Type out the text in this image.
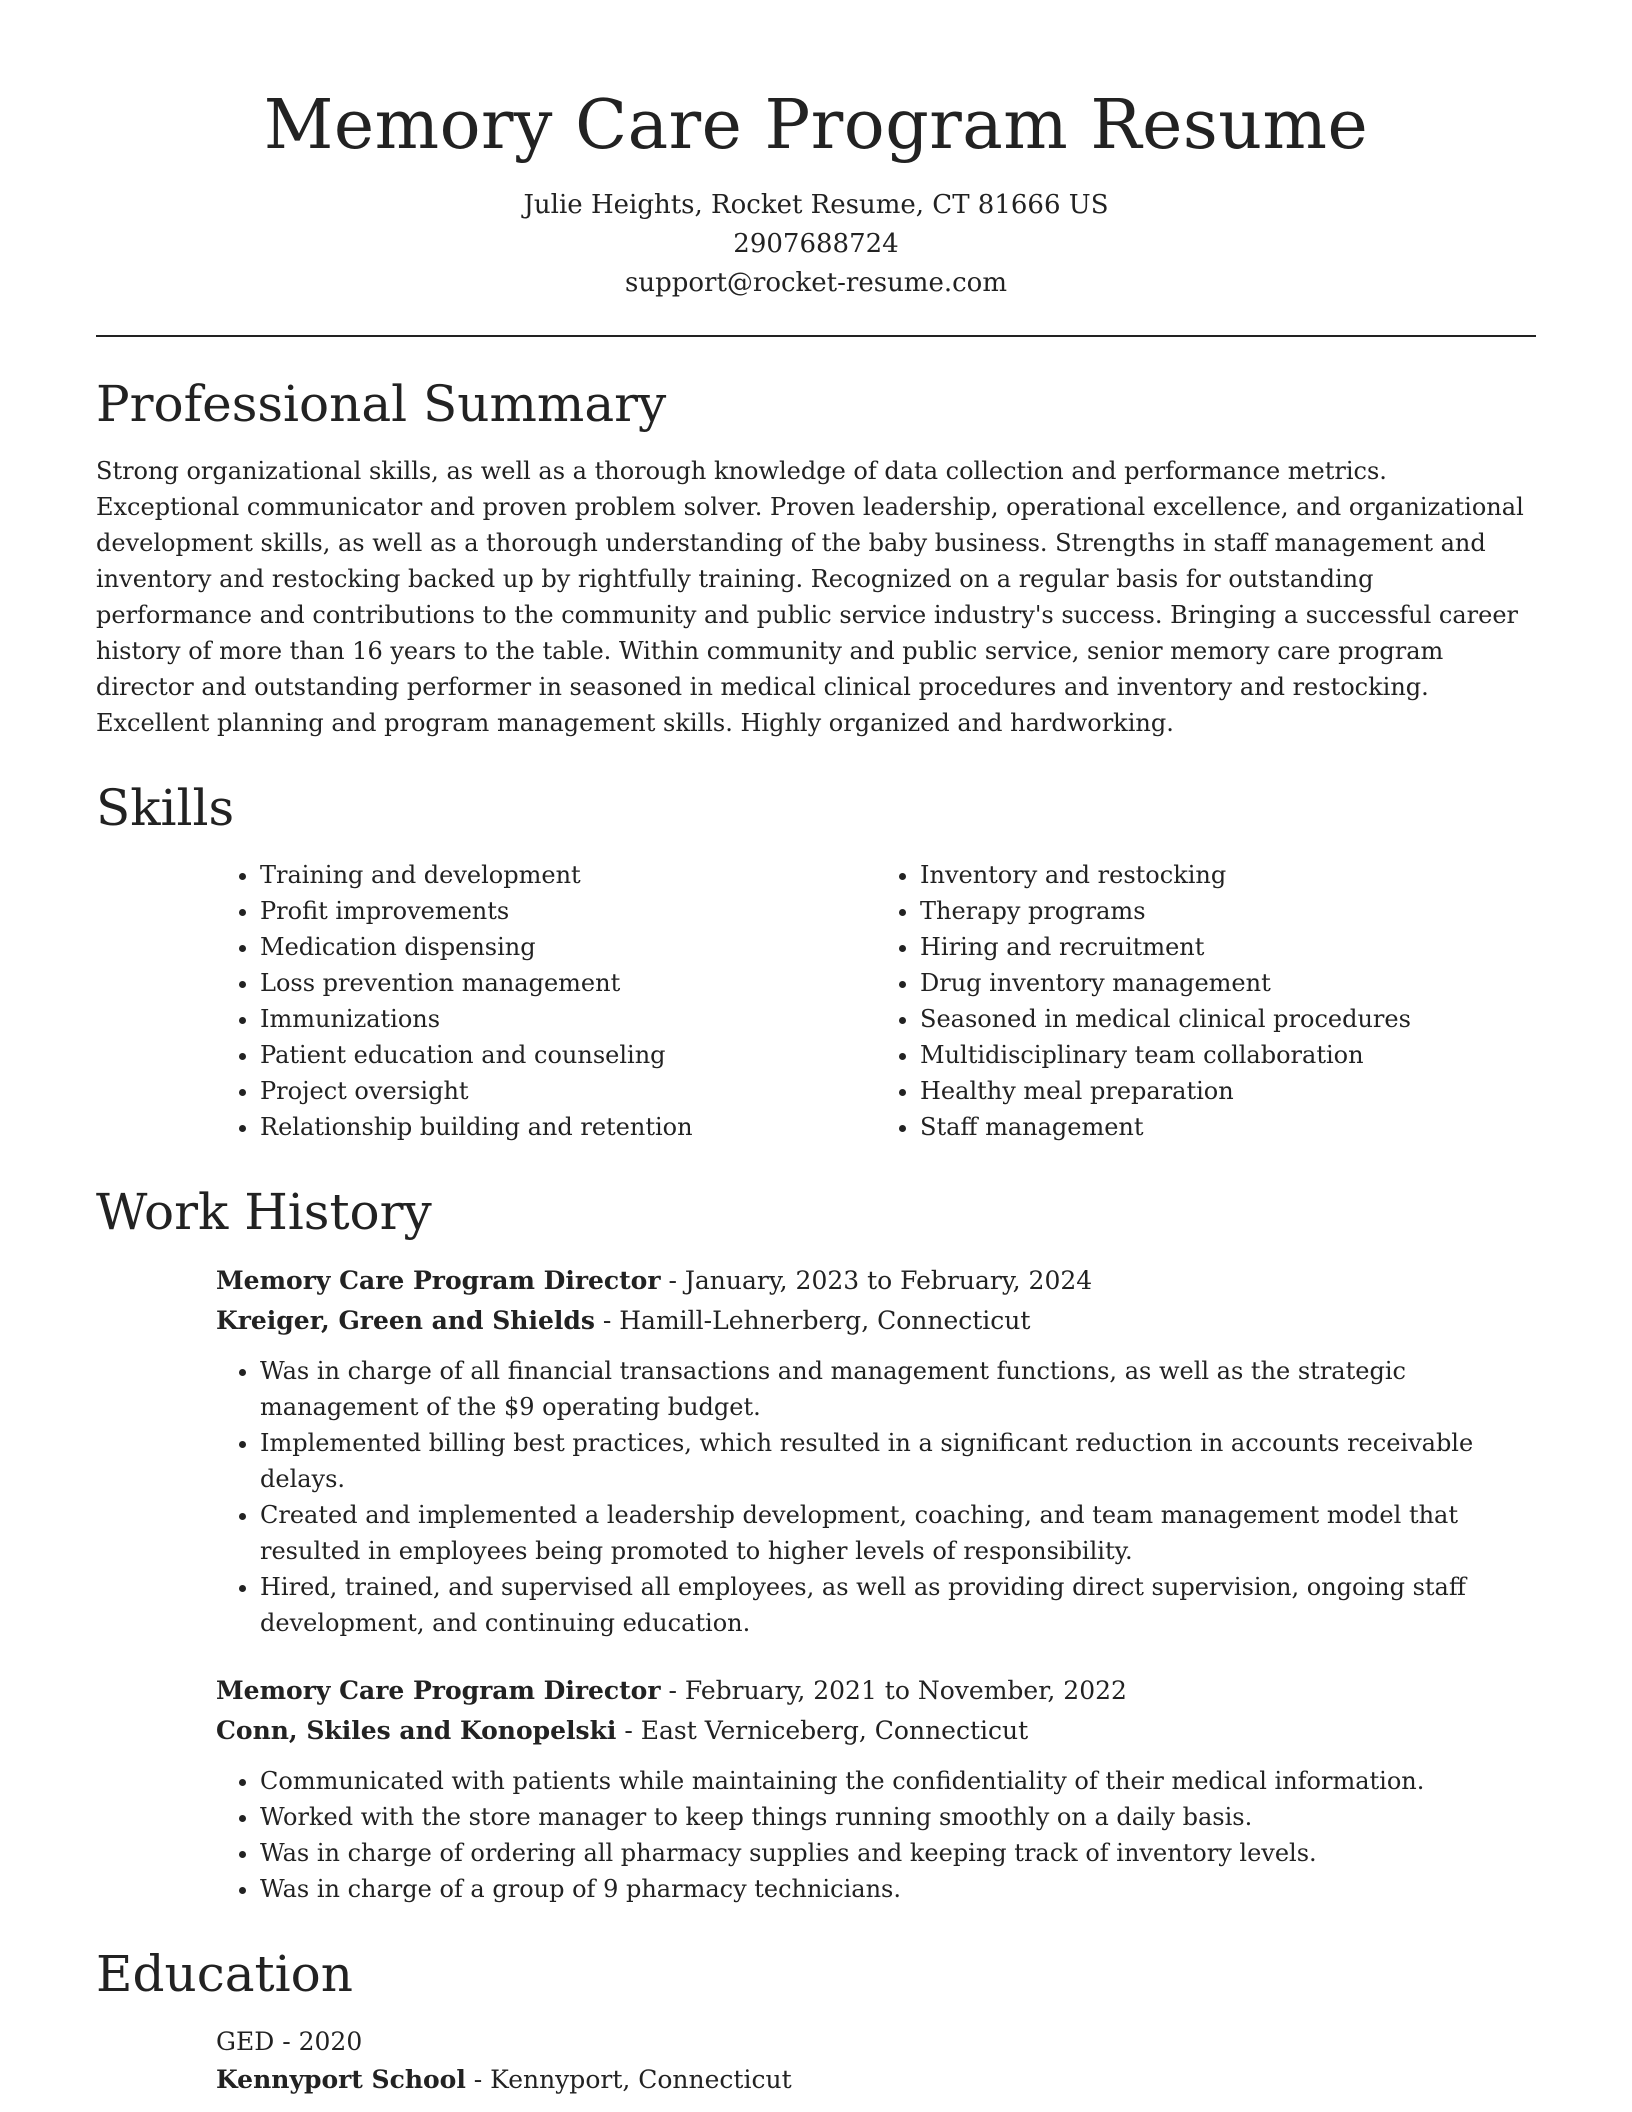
Memory Care Program Resume
Julie Heights, Rocket Resume, CT 81666 US
2907688724
support@rocket-resume.com
Professional Summary

Strong organizational skills, as well as a thorough knowledge of data collection and performance metrics. Exceptional communicator and proven problem solver. Proven leadership, operational excellence, and organizational development skills, as well as a thorough understanding of the baby business. Strengths in staff management and inventory and restocking backed up by rightfully training. Recognized on a regular basis for outstanding performance and contributions to the community and public service industry's success. Bringing a successful career history of more than 16 years to the table. Within community and public service, senior memory care program director and outstanding performer in seasoned in medical clinical procedures and inventory and restocking. Excellent planning and program management skills. Highly organized and hardworking.

Skills
• Training and development
• Profit improvements
• Medication dispensing
• Loss prevention management
• Immunizations
• Patient education and counseling
• Project oversight
• Relationship building and retention
• Inventory and restocking
• Therapy programs
• Hiring and recruitment
• Drug inventory management
• Seasoned in medical clinical procedures
• Multidisciplinary team collaboration
• Healthy meal preparation
• Staff management
Work History
Memory Care Program Director - January, 2023 to February, 2024
Kreiger, Green and Shields - Hamill-Lehnerberg, Connecticut
• Was in charge of all financial transactions and management functions, as well as the strategic management of the $9 operating budget.
• Implemented billing best practices, which resulted in a significant reduction in accounts receivable delays.
• Created and implemented a leadership development, coaching, and team management model that resulted in employees being promoted to higher levels of responsibility.
• Hired, trained, and supervised all employees, as well as providing direct supervision, ongoing staff development, and continuing education.
Memory Care Program Director - February, 2021 to November, 2022
Conn, Skiles and Konopelski - East Verniceberg, Connecticut
• Communicated with patients while maintaining the confidentiality of their medical information.
• Worked with the store manager to keep things running smoothly on a daily basis.
• Was in charge of ordering all pharmacy supplies and keeping track of inventory levels.
• Was in charge of a group of 9 pharmacy technicians.
Education
GED - 2020
Kennyport School - Kennyport, Connecticut
